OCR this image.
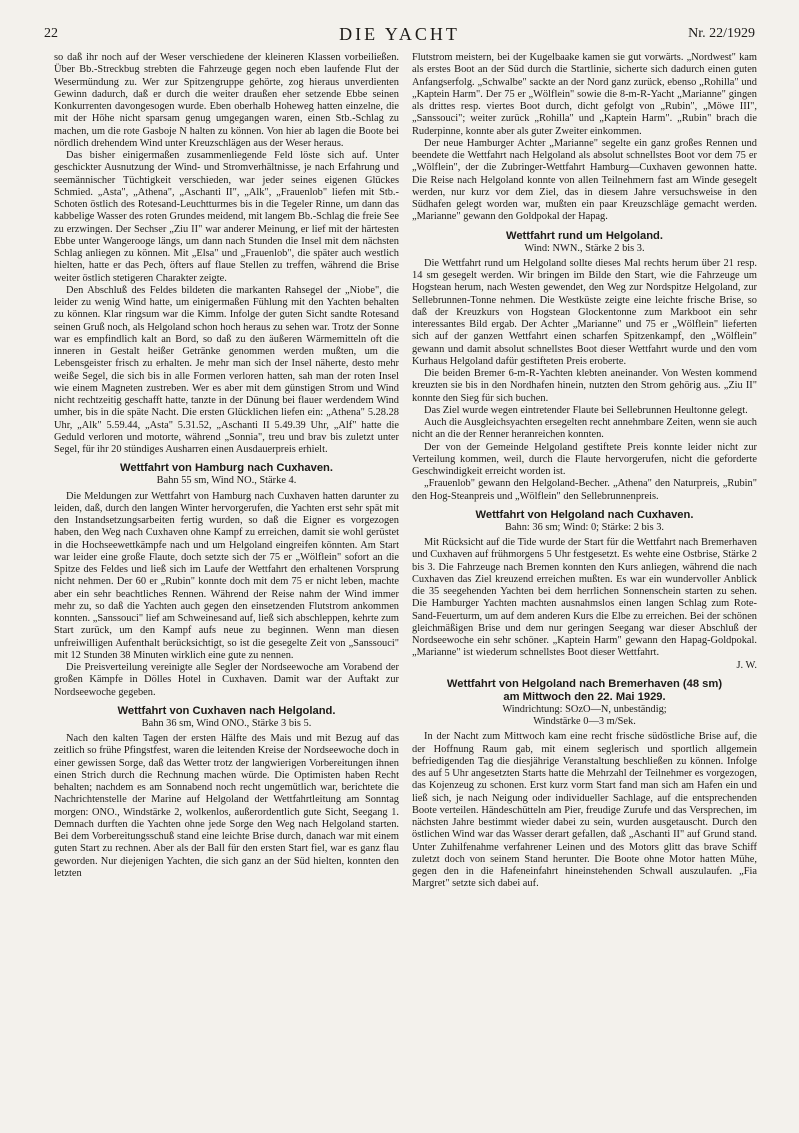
22	DIE YACHT	Nr. 22/1929

so daß ihr noch auf der Weser verschiedene der kleineren Klassen vorbeiließen. Über Bb.-Streckbug strebten die Fahrzeuge gegen noch eben laufende Flut der Wesermündung zu. Wer zur Spitzengruppe gehörte, zog hieraus unverdienten Gewinn dadurch, daß er durch die weiter draußen eher setzende Ebbe seinen Konkurrenten davongesogen wurde. Eben oberhalb Hoheweg hatten einzelne, die mit der Höhe nicht sparsam genug umgegangen waren, einen Stb.-Schlag zu machen, um die rote Gasboje N halten zu können. Von hier ab lagen die Boote bei nördlich drehendem Wind unter Kreuzschlägen aus der Weser heraus.

Das bisher einigermaßen zusammenliegende Feld löste sich auf. Unter geschickter Ausnutzung der Wind- und Stromverhältnisse, je nach Erfahrung und seemännischer Tüchtigkeit verschieden, war jeder seines eigenen Glückes Schmied. „Asta", „Athena", „Aschanti II", „Alk", „Frauenlob" liefen mit Stb.-Schoten östlich des Rotesand-Leuchtturmes bis in die Tegeler Rinne, um dann das kabbelige Wasser des roten Grundes meidend, mit langem Bb.-Schlag die freie See zu erzwingen. Der Sechser „Ziu II" war anderer Meinung, er lief mit der härtesten Ebbe unter Wangerooge längs, um dann nach Stunden die Insel mit dem nächsten Schlag anliegen zu können. Mit „Elsa" und „Frauenlob", die später auch westlich hielten, hatte er das Pech, öfters auf flaue Stellen zu treffen, während die Brise weiter östlich stetigeren Charakter zeigte.

Den Abschluß des Feldes bildeten die markanten Rahsegel der „Niobe", die leider zu wenig Wind hatte, um einigermaßen Fühlung mit den Yachten behalten zu können. Klar ringsum war die Kimm. Infolge der guten Sicht sandte Rotesand seinen Gruß noch, als Helgoland schon hoch heraus zu sehen war. Trotz der Sonne war es empfindlich kalt an Bord, so daß zu den äußeren Wärmemitteln oft die inneren in Gestalt heißer Getränke genommen werden mußten, um die Lebensgeister frisch zu erhalten. Je mehr man sich der Insel näherte, desto mehr weiße Segel, die sich bis in alle Formen verloren hatten, sah man der roten Insel wie einem Magneten zustreben. Wer es aber mit dem günstigen Strom und Wind nicht rechtzeitig geschafft hatte, tanzte in der Dünung bei flauer werdendem Wind umher, bis in die späte Nacht. Die ersten Glücklichen liefen ein: „Athena" 5.28.28 Uhr, „Alk" 5.59.44, „Asta" 5.31.52, „Aschanti II 5.49.39 Uhr, „Alf" hatte die Geduld verloren und motorte, während „Sonnia", treu und brav bis zuletzt unter Segel, für ihr 20 stündiges Ausharren einen Ausdauerpreis erhielt.

Wettfahrt von Hamburg nach Cuxhaven.
Bahn 55 sm, Wind NO., Stärke 4.

Die Meldungen zur Wettfahrt von Hamburg nach Cuxhaven hatten darunter zu leiden, daß, durch den langen Winter hervorgerufen, die Yachten erst sehr spät mit den Instandsetzungsarbeiten fertig wurden, so daß die Eigner es vorgezogen haben, den Weg nach Cuxhaven ohne Kampf zu erreichen, damit sie wohl gerüstet in die Hochseewettkämpfe nach und um Helgoland eingreifen könnten. Am Start war leider eine große Flaute, doch setzte sich der 75 er „Wölflein" sofort an die Spitze des Feldes und ließ sich im Laufe der Wettfahrt den erhaltenen Vorsprung nicht nehmen. Der 60 er „Rubin" konnte doch mit dem 75 er nicht leben, machte aber ein sehr beachtliches Rennen. Während der Reise nahm der Wind immer mehr zu, so daß die Yachten auch gegen den einsetzenden Flutstrom ankommen konnten. „Sanssouci" lief am Schweinesand auf, ließ sich abschleppen, kehrte zum Start zurück, um den Kampf aufs neue zu beginnen. Wenn man diesen unfreiwilligen Aufenthalt berücksichtigt, so ist die gesegelte Zeit von „Sanssouci" mit 12 Stunden 38 Minuten wirklich eine gute zu nennen.

Die Preisverteilung vereinigte alle Segler der Nordseewoche am Vorabend der großen Kämpfe in Dölles Hotel in Cuxhaven. Damit war der Auftakt zur Nordseewoche gegeben.

Wettfahrt von Cuxhaven nach Helgoland.
Bahn 36 sm, Wind ONO., Stärke 3 bis 5.

Nach den kalten Tagen der ersten Hälfte des Mais und mit Bezug auf das zeitlich so frühe Pfingstfest, waren die leitenden Kreise der Nordseewoche doch in einer gewissen Sorge, daß das Wetter trotz der langwierigen Vorbereitungen ihnen einen Strich durch die Rechnung machen würde. Die Optimisten haben Recht behalten; nachdem es am Sonnabend noch recht ungemütlich war, berichtete die Nachrichtenstelle der Marine auf Helgoland der Wettfahrtleitung am Sonntag morgen: ONO., Windstärke 2, wolkenlos, außerordentlich gute Sicht, Seegang 1. Demnach durften die Yachten ohne jede Sorge den Weg nach Helgoland starten. Bei dem Vorbereitungsschuß stand eine leichte Brise durch, danach war mit einem guten Start zu rechnen. Aber als der Ball für den ersten Start fiel, war es ganz flau geworden. Nur diejenigen Yachten, die sich ganz an der Süd hielten, konnten den letzten

Flutstrom meistern, bei der Kugelbaake kamen sie gut vorwärts. „Nordwest" kam als erstes Boot an der Süd durch die Startlinie, sicherte sich dadurch einen guten Anfangserfolg. „Schwalbe" sackte an der Nord ganz zurück, ebenso „Rohilla" und „Kaptein Harm". Der 75 er „Wölflein" sowie die 8-m-R-Yacht „Marianne" gingen als drittes resp. viertes Boot durch, dicht gefolgt von „Rubin", „Möwe III", „Sanssouci"; weiter zurück „Rohilla" und „Kaptein Harm". „Rubin" brach die Ruderpinne, konnte aber als guter Zweiter einkommen.

Der neue Hamburger Achter „Marianne" segelte ein ganz großes Rennen und beendete die Wettfahrt nach Helgoland als absolut schnellstes Boot vor dem 75 er „Wölflein", der die Zubringer-Wettfahrt Hamburg—Cuxhaven gewonnen hatte. Die Reise nach Helgoland konnte von allen Teilnehmern fast am Winde gesegelt werden, nur kurz vor dem Ziel, das in diesem Jahre versuchsweise in den Südhafen gelegt worden war, mußten ein paar Kreuzschläge gemacht werden. „Marianne" gewann den Goldpokal der Hapag.

Wettfahrt rund um Helgoland.
Wind: NWN., Stärke 2 bis 3.

Die Wettfahrt rund um Helgoland sollte dieses Mal rechts herum über 21 resp. 14 sm gesegelt werden. Wir bringen im Bilde den Start, wie die Fahrzeuge um Hogstean herum, nach Westen gewendet, den Weg zur Nordspitze Helgoland, zur Sellebrunnen-Tonne nehmen. Die Westküste zeigte eine leichte frische Brise, so daß der Kreuzkurs von Hogstean Glockentonne zum Markboot ein sehr interessantes Bild ergab. Der Achter „Marianne" und 75 er „Wölflein" lieferten sich auf der ganzen Wettfahrt einen scharfen Spitzenkampf, den „Wölflein" gewann und damit absolut schnellstes Boot dieser Wettfahrt wurde und den vom Kurhaus Helgoland dafür gestifteten Preis eroberte.

Die beiden Bremer 6-m-R-Yachten klebten aneinander. Von Westen kommend kreuzten sie bis in den Nordhafen hinein, nutzten den Strom gehörig aus. „Ziu II" konnte den Sieg für sich buchen.

Das Ziel wurde wegen eintretender Flaute bei Sellebrunnen Heultonne gelegt.

Auch die Ausgleichsyachten ersegelten recht annehmbare Zeiten, wenn sie auch nicht an die der Renner heranreichen konnten.

Der von der Gemeinde Helgoland gestiftete Preis konnte leider nicht zur Verteilung kommen, weil, durch die Flaute hervorgerufen, nicht die geforderte Geschwindigkeit erreicht worden ist.

„Frauenlob" gewann den Helgoland-Becher. „Athena" den Naturpreis, „Rubin" den Hog-Steanpreis und „Wölflein" den Sellebrunnenpreis.

Wettfahrt von Helgoland nach Cuxhaven.
Bahn: 36 sm; Wind: 0; Stärke: 2 bis 3.

Mit Rücksicht auf die Tide wurde der Start für die Wettfahrt nach Bremerhaven und Cuxhaven auf frühmorgens 5 Uhr festgesetzt. Es wehte eine Ostbrise, Stärke 2 bis 3. Die Fahrzeuge nach Bremen konnten den Kurs anliegen, während die nach Cuxhaven das Ziel kreuzend erreichen mußten. Es war ein wundervoller Anblick die 35 seegehenden Yachten bei dem herrlichen Sonnenschein starten zu sehen. Die Hamburger Yachten machten ausnahmslos einen langen Schlag zum Rote-Sand-Feuerturm, um auf dem anderen Kurs die Elbe zu erreichen. Bei der schönen gleichmäßigen Brise und dem nur geringen Seegang war dieser Abschluß der Nordseewoche ein sehr schöner. „Kaptein Harm" gewann den Hapag-Goldpokal. „Marianne" ist wiederum schnellstes Boot dieser Wettfahrt.

J. W.
Wettfahrt von Helgoland nach Bremerhaven (48 sm)
am Mittwoch den 22. Mai 1929.
Windrichtung: SOzO—N, unbeständig;
Windstärke 0—3 m/Sek.

In der Nacht zum Mittwoch kam eine recht frische südöstliche Brise auf, die der Hoffnung Raum gab, mit einem seglerisch und sportlich allgemein befriedigenden Tag die diesjährige Veranstaltung beschließen zu können. Infolge des auf 5 Uhr angesetzten Starts hatte die Mehrzahl der Teilnehmer es vorgezogen, das Kojenzeug zu schonen. Erst kurz vorm Start fand man sich am Hafen ein und ließ sich, je nach Neigung oder individueller Sachlage, auf die entsprechenden Boote verteilen. Händeschütteln am Pier, freudige Zurufe und das Versprechen, im nächsten Jahre bestimmt wieder dabei zu sein, wurden ausgetauscht. Durch den östlichen Wind war das Wasser derart gefallen, daß „Aschanti II" auf Grund stand. Unter Zuhilfenahme verfahrener Leinen und des Motors glitt das brave Schiff zuletzt doch von seinem Stand herunter. Die Boote ohne Motor hatten Mühe, gegen den in die Hafeneinfahrt hineinstehenden Schwall auszulaufen. „Fia Margret" setzte sich dabei auf.
